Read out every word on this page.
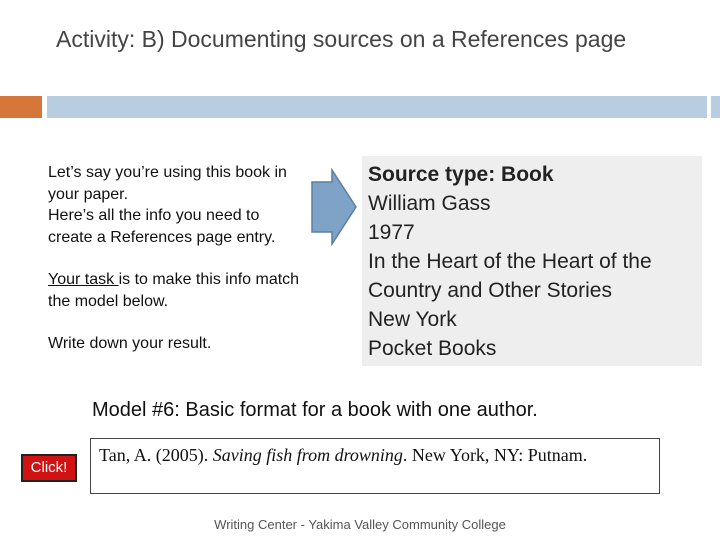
Activity: B) Documenting sources on a References page

Let’s say you’re using this book in your paper.

Here’s all the info you need to create a References page entry.

Your task is to make this info match the model below.

Write down your result.

Source type: Book
William Gass
1977
In the Heart of the Heart of the
Country and Other Stories
New York
Pocket Books
Model #6: Basic format for a book with one author.
Click!
Tan, A. (2005). Saving fish from drowning. New York, NY: Putnam.
Writing Center - Yakima Valley Community College
